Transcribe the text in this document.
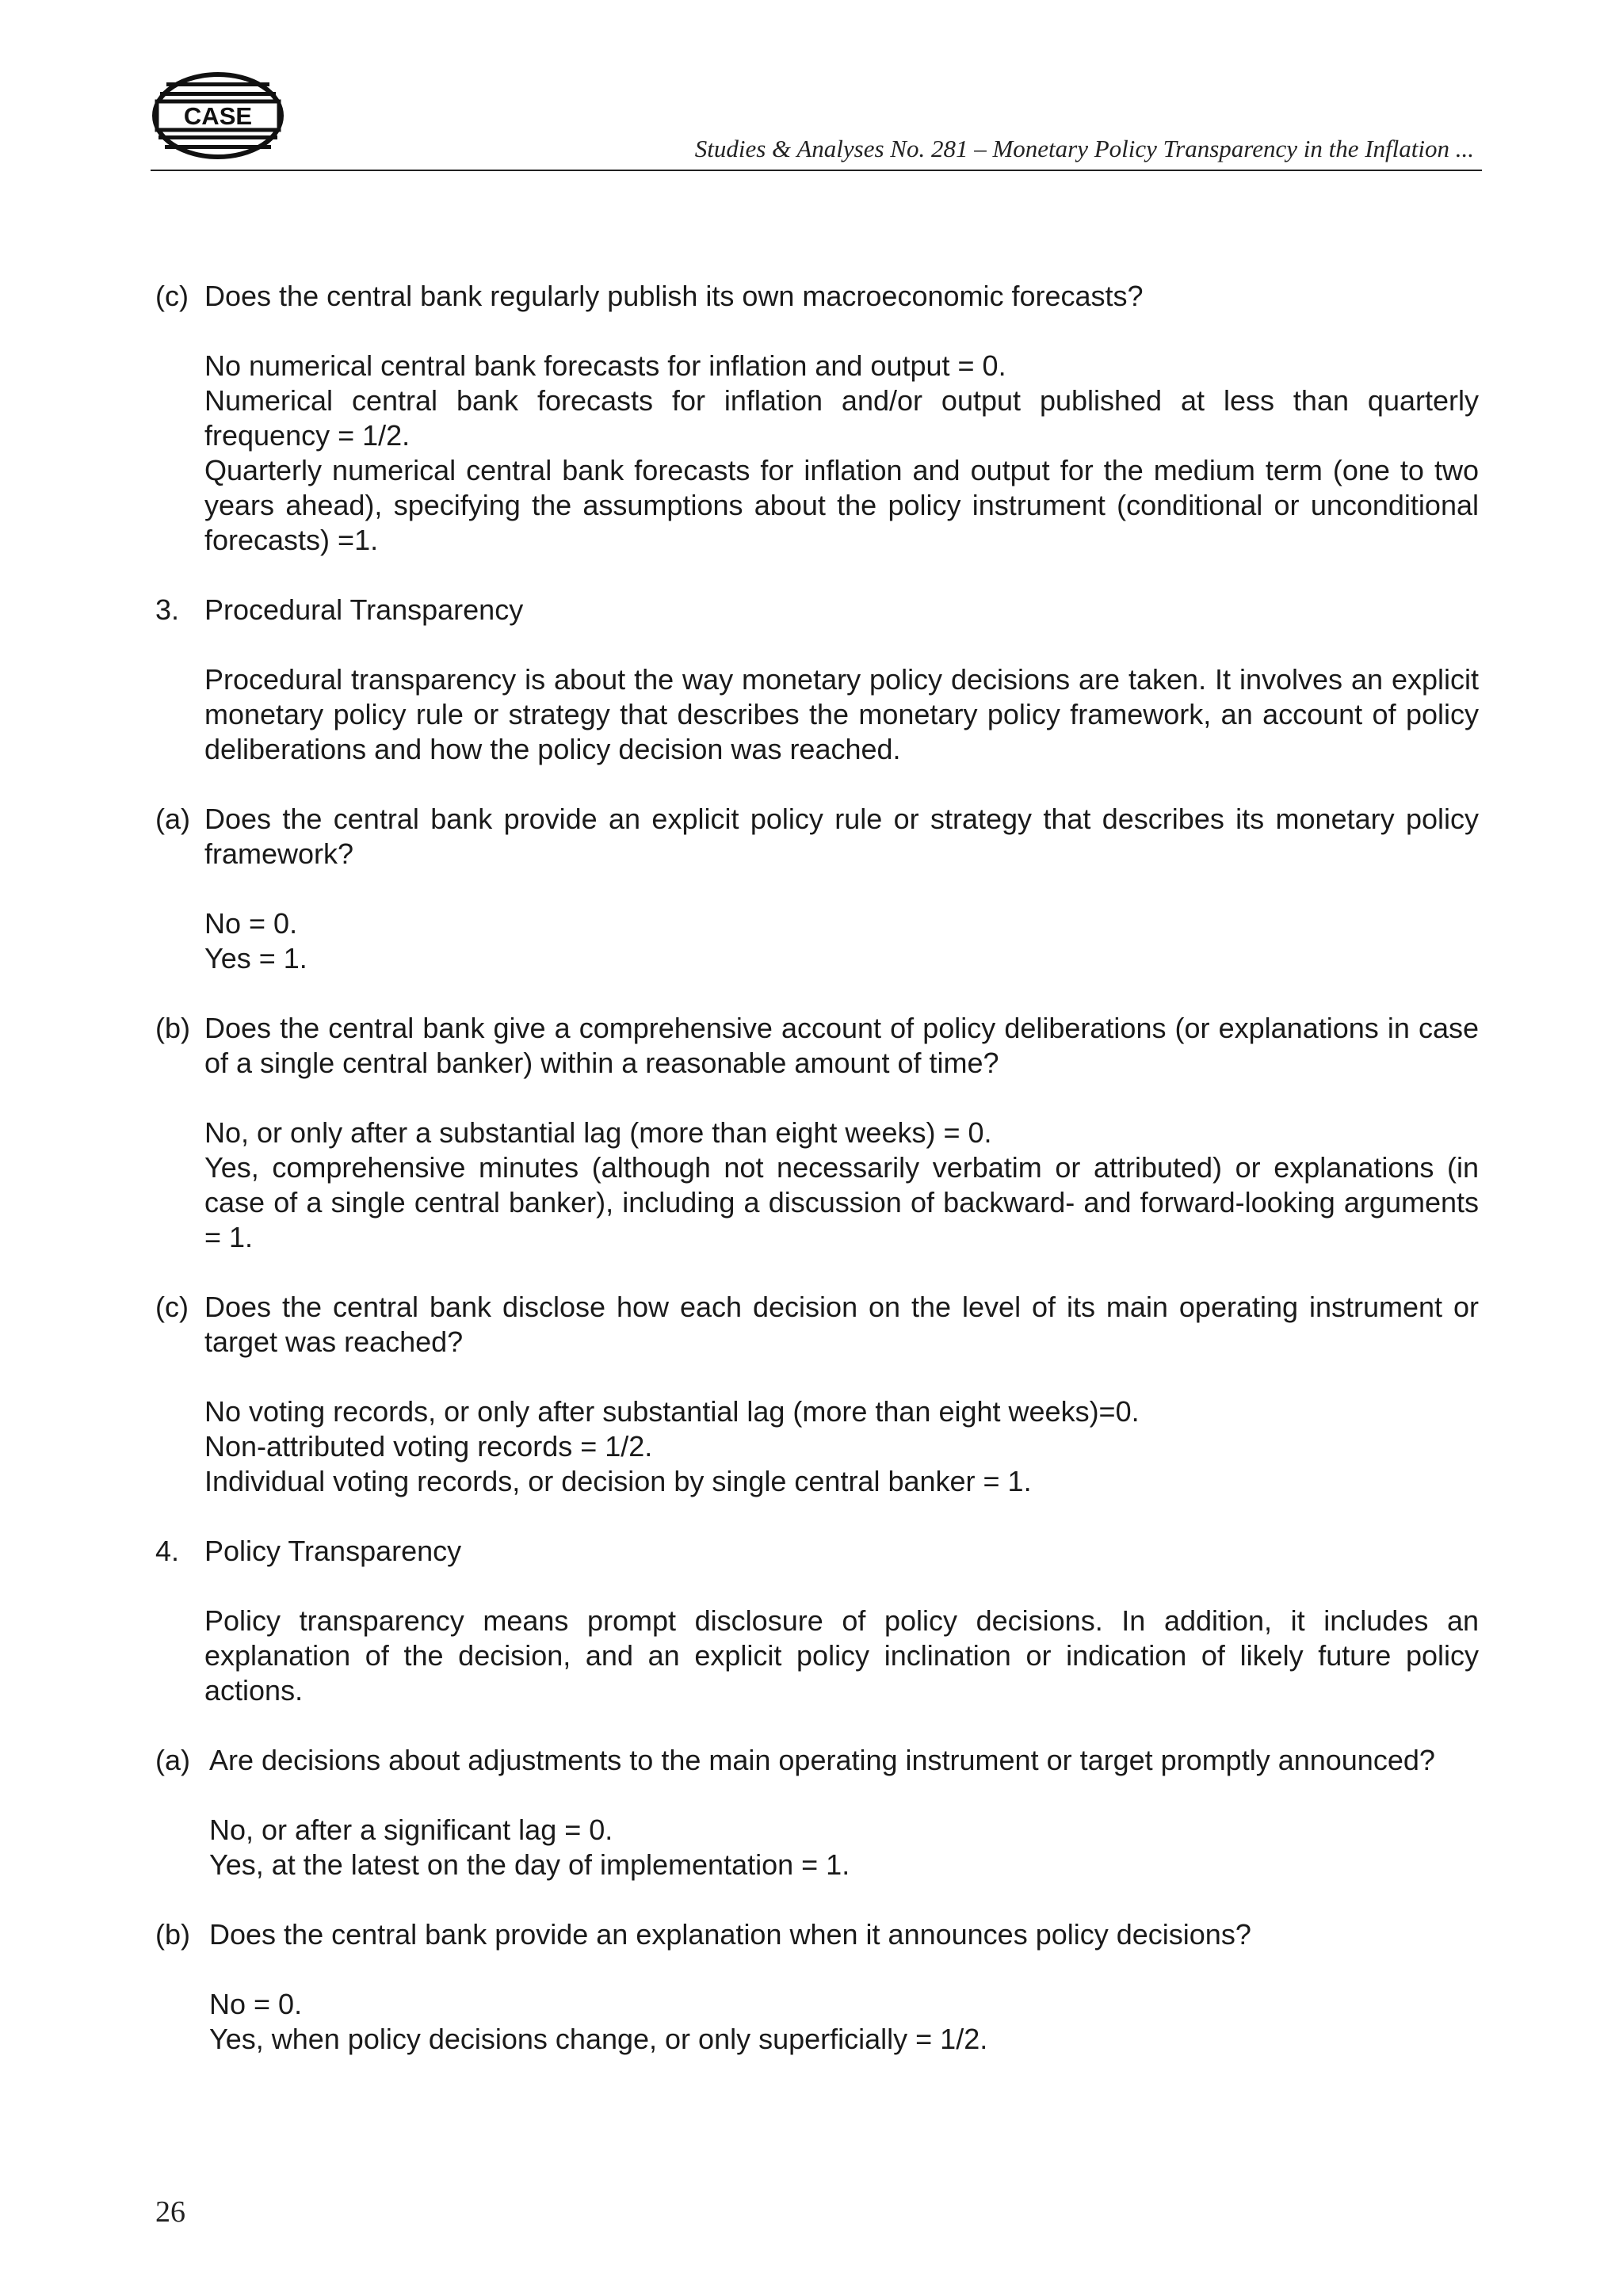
CASE
Studies & Analyses No. 281 – Monetary Policy Transparency in the Inflation ...
(c) Does the central bank regularly publish its own macroeconomic forecasts?

No numerical central bank forecasts for inflation and output = 0.

Numerical central bank forecasts for inflation and/or output published at less than quarterly frequency = 1/2.

Quarterly numerical central bank forecasts for inflation and output for the medium term (one to two years ahead), specifying the assumptions about the policy instrument (conditional or unconditional forecasts) =1.

3. Procedural Transparency

Procedural transparency is about the way monetary policy decisions are taken. It involves an explicit monetary policy rule or strategy that describes the monetary policy framework, an account of policy deliberations and how the policy decision was reached.

(a) Does the central bank provide an explicit policy rule or strategy that describes its monetary policy framework?

No = 0.

Yes = 1.

(b) Does the central bank give a comprehensive account of policy deliberations (or explanations in case of a single central banker) within a reasonable amount of time?

No, or only after a substantial lag (more than eight weeks) = 0.

Yes, comprehensive minutes (although not necessarily verbatim or attributed) or explanations (in case of a single central banker), including a discussion of backward- and forward-looking arguments = 1.

(c) Does the central bank disclose how each decision on the level of its main operating instrument or target was reached?

No voting records, or only after substantial lag (more than eight weeks)=0.

Non-attributed voting records = 1/2.

Individual voting records, or decision by single central banker = 1.

4. Policy Transparency

Policy transparency means prompt disclosure of policy decisions. In addition, it includes an explanation of the decision, and an explicit policy inclination or indication of likely future policy actions.

(a) Are decisions about adjustments to the main operating instrument or target promptly announced?

No, or after a significant lag = 0.

Yes, at the latest on the day of implementation = 1.

(b) Does the central bank provide an explanation when it announces policy decisions?

No = 0.

Yes, when policy decisions change, or only superficially = 1/2.

26
